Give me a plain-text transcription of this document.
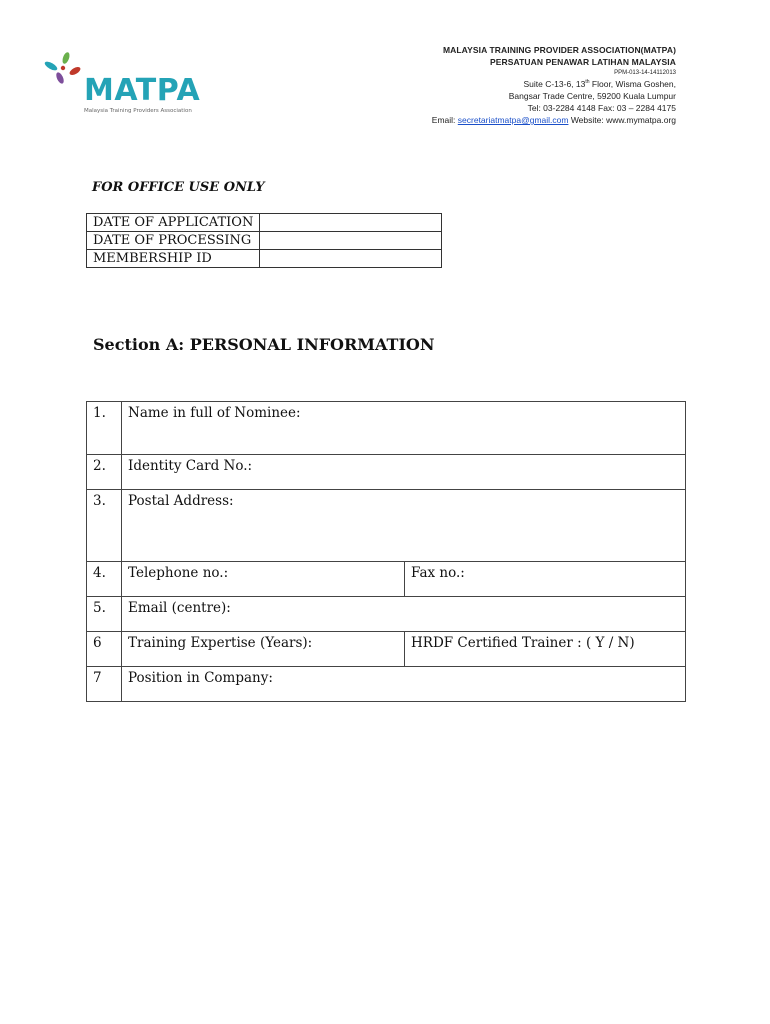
MATPA
Malaysia Training Providers Association
MALAYSIA TRAINING PROVIDER ASSOCIATION(MATPA)
PERSATUAN PENAWAR LATIHAN MALAYSIA
PPM-013-14-14112013
Suite C-13-6, 13th Floor, Wisma Goshen,
Bangsar Trade Centre, 59200 Kuala Lumpur
Tel: 03-2284 4148 Fax: 03 – 2284 4175
Email: secretariatmatpa@gmail.com Website: www.mymatpa.org
FOR OFFICE USE ONLY
DATE OF APPLICATION	
DATE OF PROCESSING	
MEMBERSHIP ID	
Section A: PERSONAL INFORMATION
1.	Name in full of Nominee:	

2.	Identity Card No.:	

3.	Postal Address:	

4.	Telephone no.:	Fax no.:

5.	Email (centre):	

6	Training Expertise (Years):	HRDF Certified Trainer : ( Y / N)

7	Position in Company:	
